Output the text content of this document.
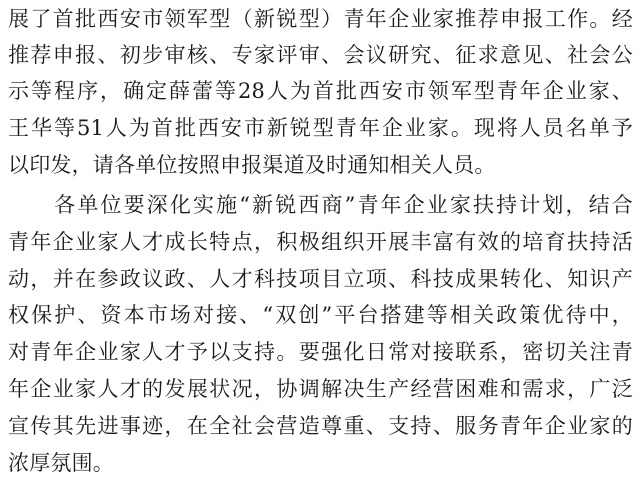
展了首批西安市领军型（新锐型）青年企业家推荐申报工作。经
推荐申报、初步审核、专家评审、会议研究、征求意见、社会公
示等程序，确定薛蕾等28人为首批西安市领军型青年企业家、
王华等51人为首批西安市新锐型青年企业家。现将人员名单予
以印发，请各单位按照申报渠道及时通知相关人员。
　　各单位要深化实施“新锐西商”青年企业家扶持计划，结合
青年企业家人才成长特点，积极组织开展丰富有效的培育扶持活
动，并在参政议政、人才科技项目立项、科技成果转化、知识产
权保护、资本市场对接、“双创”平台搭建等相关政策优待中，
对青年企业家人才予以支持。要强化日常对接联系，密切关注青
年企业家人才的发展状况，协调解决生产经营困难和需求，广泛
宣传其先进事迹，在全社会营造尊重、支持、服务青年企业家的
浓厚氛围。
